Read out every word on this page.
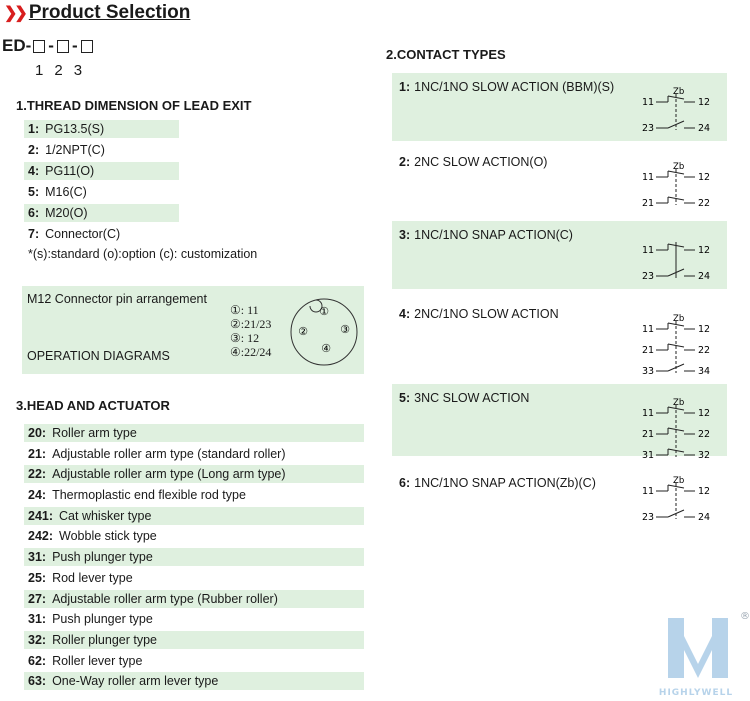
❯❯ Product Selection
ED- - -
1 2 3
1.THREAD DIMENSION OF LEAD EXIT
1: PG13.5(S)
2: 1/2NPT(C)
4: PG11(O)
5: M16(C)
6: M20(O)
7: Connector(C)
*(s):standard (o):option (c): customization
M12 Connector pin arrangement
OPERATION DIAGRAMS
①: 11
②:21/23
③: 12
④:22/24
①
②	③
④
3.HEAD AND ACTUATOR
20: Roller arm type
21: Adjustable roller arm type (standard roller)
22: Adjustable roller arm type (Long arm type)
24: Thermoplastic end flexible rod type
241: Cat whisker type
242: Wobble stick type
31: Push plunger type
25: Rod lever type
27: Adjustable roller arm type (Rubber roller)
31: Push plunger type
32: Roller plunger type
62: Roller lever type
63: One-Way roller arm lever type
2.CONTACT TYPES
1: 1NC/1NO SLOW ACTION (BBM)(S)	Zb
11	12
23	24
2: 2NC SLOW ACTION(O)	Zb
11	12
21	22
3: 1NC/1NO SNAP ACTION(C)
11	12
23	24
4: 2NC/1NO SLOW ACTION	Zb
11	12
21	22
33	34
5: 3NC SLOW ACTION	Zb
11	12
21	22
31	32
6: 1NC/1NO SNAP ACTION(Zb)(C)	Zb
11	12
23	24
®
HIGHLYWELL
